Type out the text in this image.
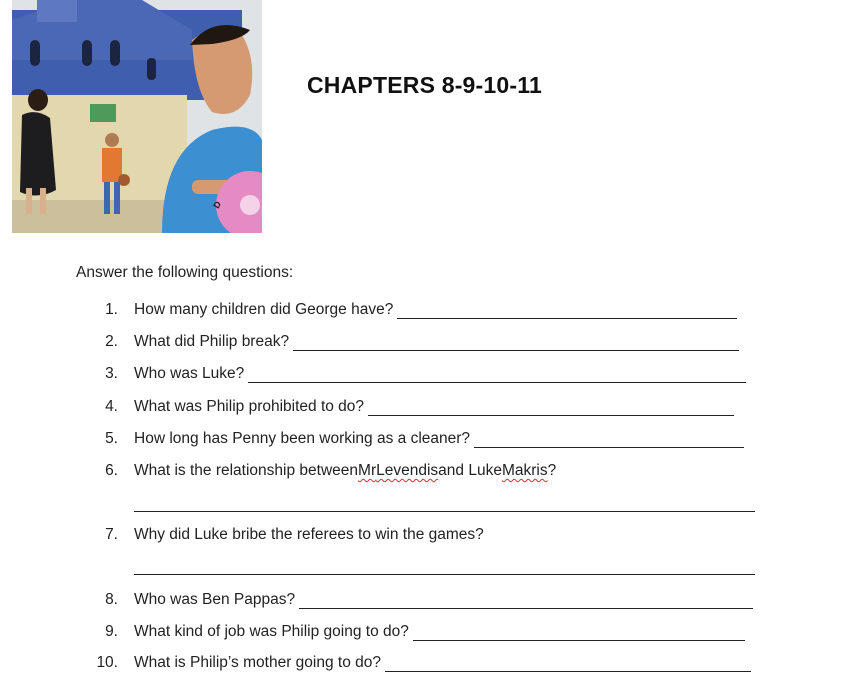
D
CHAPTERS 8-9-10-11
Answer the following questions:
1. How many children did George have?
2. What did Philip break?
3. Who was Luke?
4. What was Philip prohibited to do?
5. How long has Penny been working as a cleaner?
6. What is the relationship between Mr Levendis and Luke Makris ?
7. Why did Luke bribe the referees to win the games?
8. Who was Ben Pappas?
9. What kind of job was Philip going to do?
10. What is Philip’s mother going to do?
